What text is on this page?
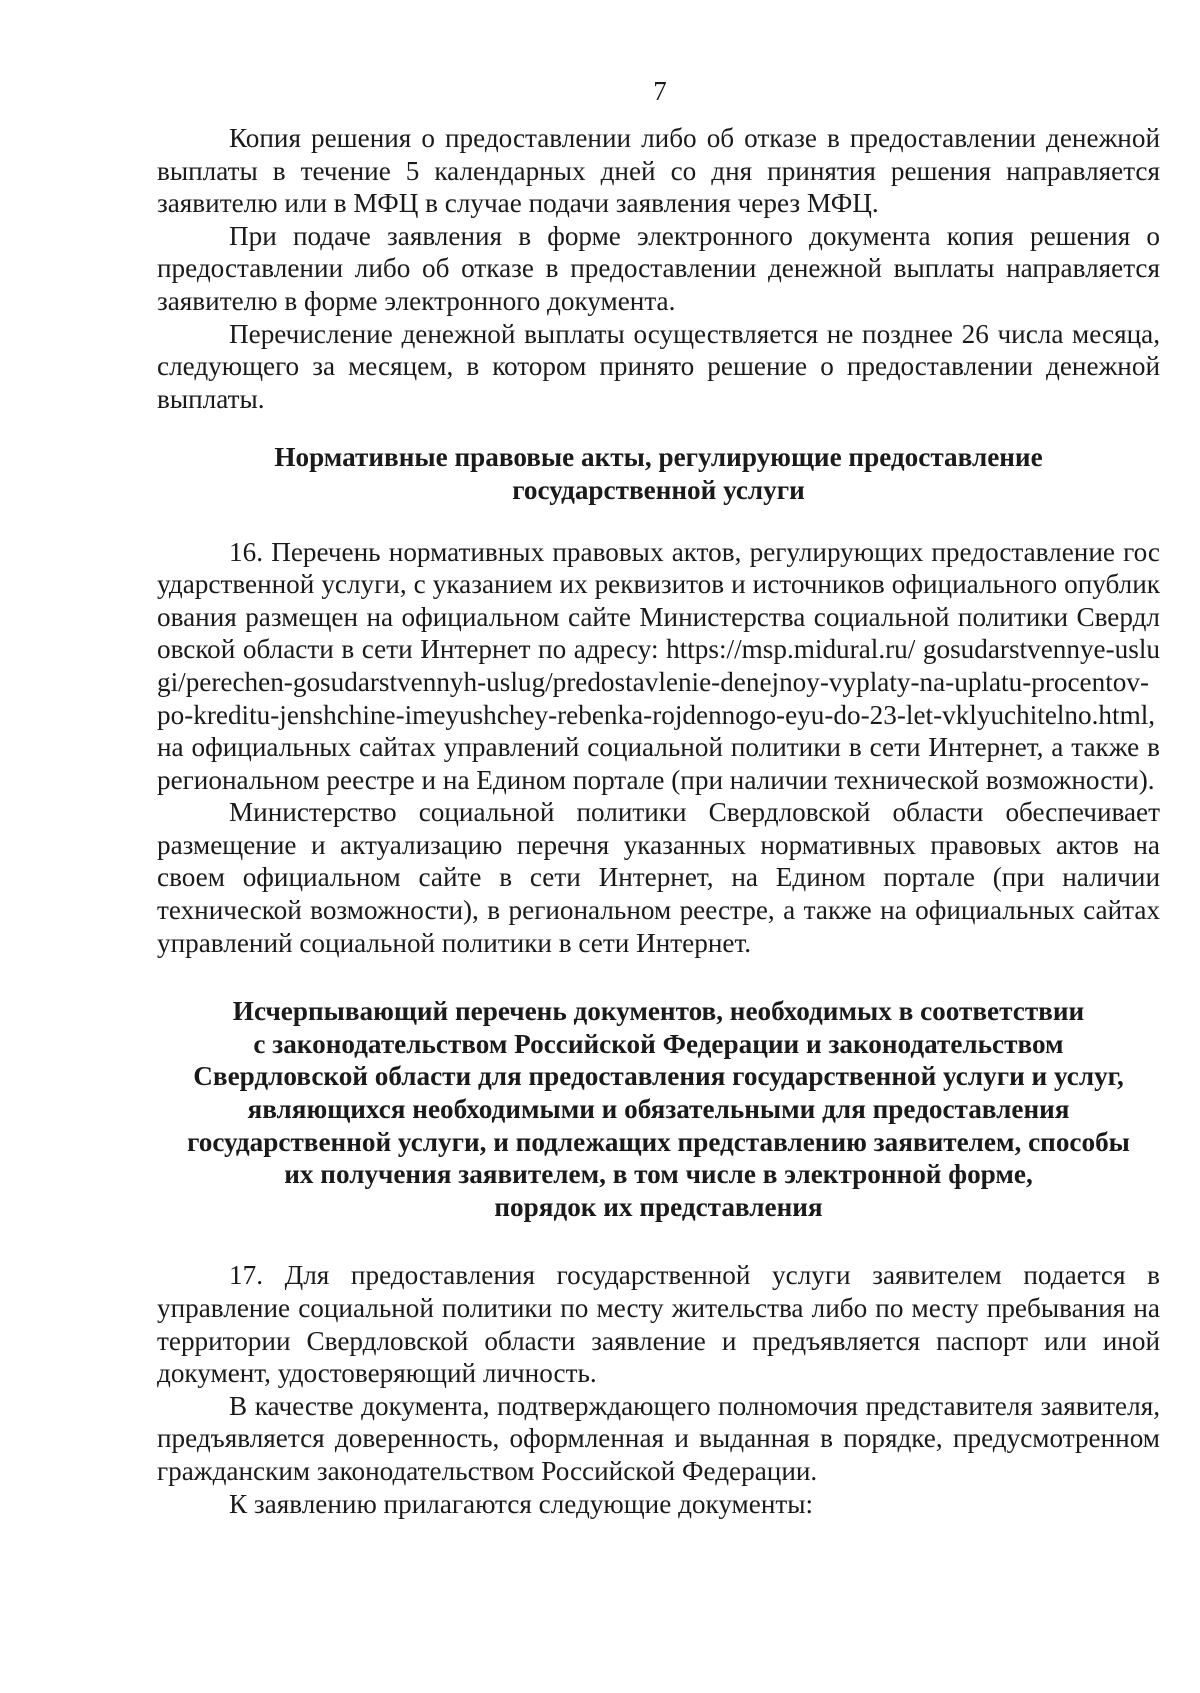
7

Копия решения о предоставлении либо об отказе в предоставлении денежной выплаты в течение 5 календарных дней со дня принятия решения направляется заявителю или в МФЦ в случае подачи заявления через МФЦ.

При подаче заявления в форме электронного документа копия решения о предоставлении либо об отказе в предоставлении денежной выплаты направляется заявителю в форме электронного документа.

Перечисление денежной выплаты осуществляется не позднее 26 числа месяца, следующего за месяцем, в котором принято решение о предоставлении денежной выплаты.

Нормативные правовые акты, регулирующие предоставление
государственной услуги

16. Перечень нормативных правовых актов, регулирующих предоставление государственной услуги, с указанием их реквизитов и источников официального опубликования размещен на официальном сайте Министерства социальной политики Свердловской области в сети Интернет по адресу: https://msp.midural.ru/ gosudarstvennye-uslugi/perechen-gosudarstvennyh-uslug/predostavlenie-denejnoy-vyplaty-na-uplatu-procentov-po-kreditu-jenshchine-imeyushchey-rebenka-rojdennogo-eyu-do-23-let-vklyuchitelno.html, на официальных сайтах управлений социальной политики в сети Интернет, а также в региональном реестре и на Едином портале (при наличии технической возможности).

Министерство социальной политики Свердловской области обеспечивает размещение и актуализацию перечня указанных нормативных правовых актов на своем официальном сайте в сети Интернет, на Едином портале (при наличии технической возможности), в региональном реестре, а также на официальных сайтах управлений социальной политики в сети Интернет.

Исчерпывающий перечень документов, необходимых в соответствии
с законодательством Российской Федерации и законодательством
Свердловской области для предоставления государственной услуги и услуг,
являющихся необходимыми и обязательными для предоставления
государственной услуги, и подлежащих представлению заявителем, способы
их получения заявителем, в том числе в электронной форме,
порядок их представления

17. Для предоставления государственной услуги заявителем подается в управление социальной политики по месту жительства либо по месту пребывания на территории Свердловской области заявление и предъявляется паспорт или иной документ, удостоверяющий личность.

В качестве документа, подтверждающего полномочия представителя заявителя, предъявляется доверенность, оформленная и выданная в порядке, предусмотренном гражданским законодательством Российской Федерации.

К заявлению прилагаются следующие документы:
